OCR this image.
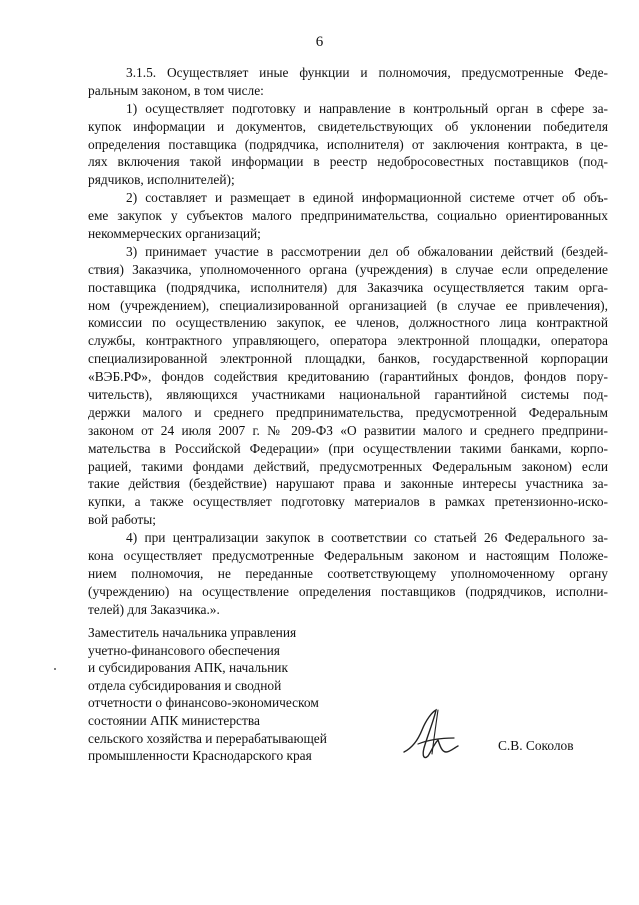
6
3.1.5. Осуществляет иные функции и полномочия, предусмотренные Феде-
ральным законом, в том числе:
1) осуществляет подготовку и направление в контрольный орган в сфере за-
купок информации и документов, свидетельствующих об уклонении победителя
определения поставщика (подрядчика, исполнителя) от заключения контракта, в це-
лях включения такой информации в реестр недобросовестных поставщиков (под-
рядчиков, исполнителей);
2) составляет и размещает в единой информационной системе отчет об объ-
еме закупок у субъектов малого предпринимательства, социально ориентированных
некоммерческих организаций;
3) принимает участие в рассмотрении дел об обжаловании действий (бездей-
ствия) Заказчика, уполномоченного органа (учреждения) в случае если определение
поставщика (подрядчика, исполнителя) для Заказчика осуществляется таким орга-
ном (учреждением), специализированной организацией (в случае ее привлечения),
комиссии по осуществлению закупок, ее членов, должностного лица контрактной
службы, контрактного управляющего, оператора электронной площадки, оператора
специализированной электронной площадки, банков, государственной корпорации
«ВЭБ.РФ», фондов содействия кредитованию (гарантийных фондов, фондов пору-
чительств), являющихся участниками национальной гарантийной системы под-
держки малого и среднего предпринимательства, предусмотренной Федеральным
законом от 24 июля 2007 г. № 209-ФЗ «О развитии малого и среднего предприни-
мательства в Российской Федерации» (при осуществлении такими банками, корпо-
рацией, такими фондами действий, предусмотренных Федеральным законом) если
такие действия (бездействие) нарушают права и законные интересы участника за-
купки, а также осуществляет подготовку материалов в рамках претензионно-иско-
вой работы;
4) при централизации закупок в соответствии со статьей 26 Федерального за-
кона осуществляет предусмотренные Федеральным законом и настоящим Положе-
нием полномочия, не переданные соответствующему уполномоченному органу
(учреждению) на осуществление определения поставщиков (подрядчиков, исполни-
телей) для Заказчика.».
Заместитель начальника управления
учетно-финансового обеспечения
и субсидирования АПК, начальник
отдела субсидирования и сводной
отчетности о финансово-экономическом
состоянии АПК министерства
сельского хозяйства и перерабатывающей
промышленности Краснодарского края
С.В. Соколов
